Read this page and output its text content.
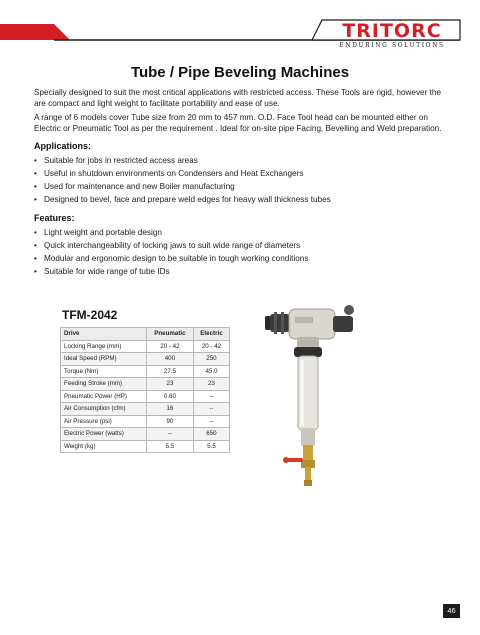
TRITORC
ENDURING SOLUTIONS
Tube / Pipe Beveling Machines
Specially designed to suit the most critical applications with restricted access. These Tools are rigid, however the are compact and light weight to facilitate portability and ease of use.
A range of 6 models cover Tube size from 20 mm to 457 mm. O.D. Face Tool head can be mounted either on Electric or Pneumatic Tool as per the requirement . Ideal for on-site pipe Facing, Bevelling and Weld preparation.
Applications:
• Suitable for jobs in restricted access areas
• Useful in shutdown environments on Condensers and Heat Exchangers
• Used for maintenance and new Boiler manufacturing
• Designed to bevel, face and prepare weld edges for heavy wall thickness tubes
Features:
• Light weight and portable design
• Quick interchangeability of locking jaws to suit wide range of diameters
• Modular and ergonomic design to be suitable in tough working conditions
• Suitable for wide range of tube IDs
TFM-2042
Drive	Pneumatic	Electric
Locking Range (mm)	20 - 42	20 - 42
Ideal Speed (RPM)	400	250
Torque (Nm)	27.5	45.0
Feeding Stroke (mm)	23	23
Pneumatic Power (HP)	0.60	--
Air Consumption (cfm)	16	--
Air Pressure (psi)	90	--
Electric Power (watts)	--	650
Weight (kg)	5.5	5.5
46
